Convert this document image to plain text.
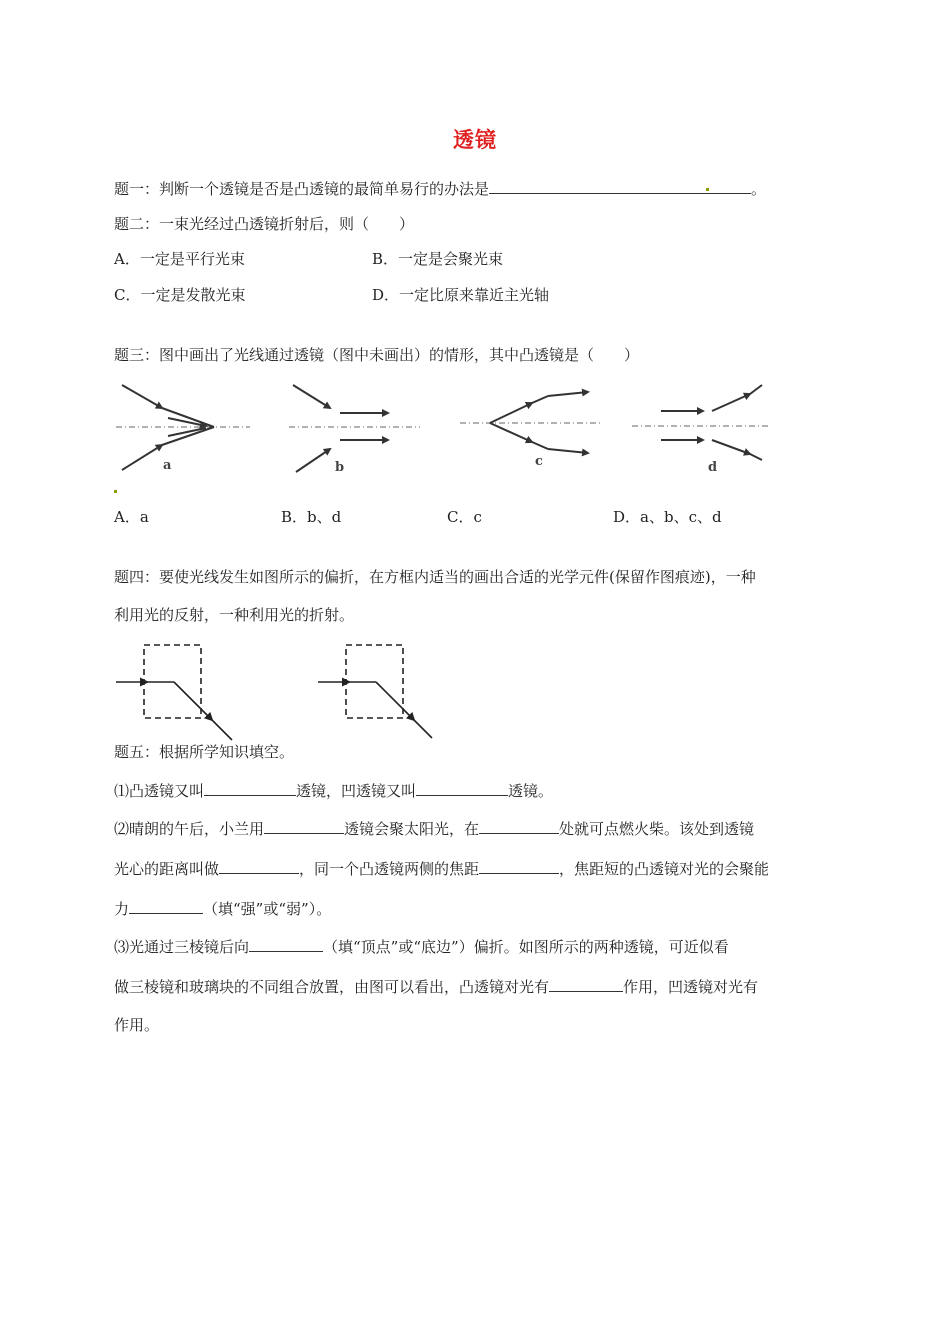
透镜
题一：判断一个透镜是否是凸透镜的最简单易行的办法是	。
题二：一束光经过凸透镜折射后，则（　　）
A．一定是平行光束	B．一定是会聚光束
C．一定是发散光束	D．一定比原来靠近主光轴
题三：图中画出了光线通过透镜（图中未画出）的情形，其中凸透镜是（　　）
a	b	c	d
A．a	B．b、d	C．c	D．a、b、c、d
题四：要使光线发生如图所示的偏折，在方框内适当的画出合适的光学元件(保留作图痕迹)，一种
利用光的反射，一种利用光的折射。
题五：根据所学知识填空。
⑴凸透镜又叫	透镜，凹透镜又叫	透镜。
⑵晴朗的午后，小兰用	透镜会聚太阳光，在	处就可点燃火柴。该处到透镜
光心的距离叫做	，同一个凸透镜两侧的焦距	，焦距短的凸透镜对光的会聚能
力	（填“强”或“弱”）。
⑶光通过三棱镜后向	（填“顶点”或“底边”）偏折。如图所示的两种透镜，可近似看
做三棱镜和玻璃块的不同组合放置，由图可以看出，凸透镜对光有	作用，凹透镜对光有
作用。
